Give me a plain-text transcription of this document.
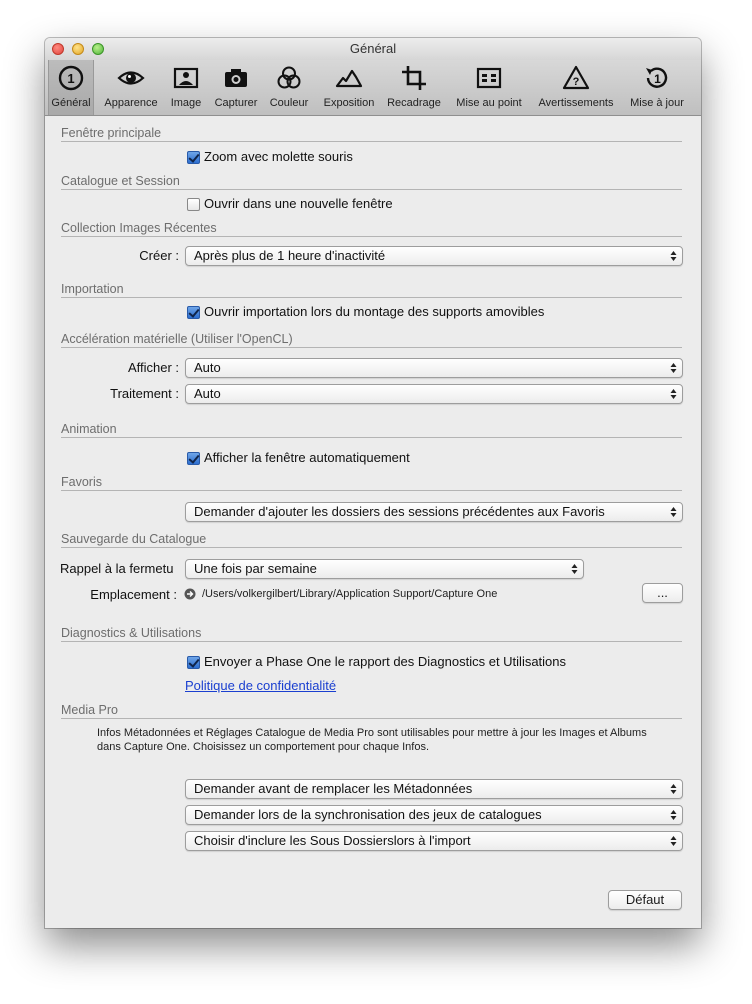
Général
1
Général	Apparence	Image	Capturer	Couleur	Exposition	Recadrage	Mise au point
?
Avertissements
1
Mise à jour
Fenêtre principale
Zoom avec molette souris
Catalogue et Session
Ouvrir dans une nouvelle fenêtre
Collection Images Récentes
Créer :	Après plus de 1 heure d'inactivité
Importation
Ouvrir importation lors du montage des supports amovibles
Accélération matérielle (Utiliser l'OpenCL)
Afficher :	Auto
Traitement :	Auto
Animation
Afficher la fenêtre automatiquement
Favoris
Demander d'ajouter les dossiers des sessions précédentes aux Favoris
Sauvegarde du Catalogue
Rappel à la fermetu	Une fois par semaine
Emplacement : /Users/volkergilbert/Library/Application Support/Capture One	...
Diagnostics & Utilisations
Envoyer a Phase One le rapport des Diagnostics et Utilisations
Politique de confidentialité
Media Pro
Infos Métadonnées et Réglages Catalogue de Media Pro sont utilisables pour mettre à jour les Images et Albums dans Capture One. Choisissez un comportement pour chaque Infos.
Demander avant de remplacer les Métadonnées
Demander lors de la synchronisation des jeux de catalogues
Choisir d'inclure les Sous Dossierslors à l'import
Défaut
